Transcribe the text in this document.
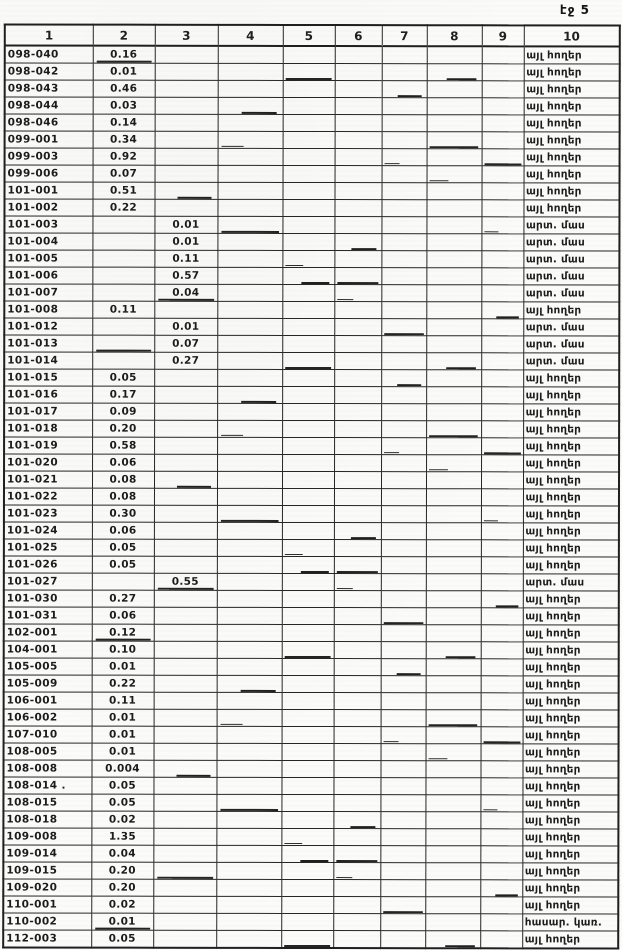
էջ 5
1	2	3	4	5	6	7	8	9	10
098-040	0.16								այլ հողեր
098-042	0.01								այլ հողեր
098-043	0.46								այլ հողեր
098-044	0.03								այլ հողեր
098-046	0.14								այլ հողեր
099-001	0.34								այլ հողեր
099-003	0.92								այլ հողեր
099-006	0.07								այլ հողեր
101-001	0.51								այլ հողեր
101-002	0.22								այլ հողեր
101-003		0.01							արտ. մաս
101-004		0.01							արտ. մաս
101-005		0.11							արտ. մաս
101-006		0.57							արտ. մաս
101-007		0.04							արտ. մաս
101-008	0.11								այլ հողեր
101-012		0.01							արտ. մաս
101-013		0.07							արտ. մաս
101-014		0.27							արտ. մաս
101-015	0.05								այլ հողեր
101-016	0.17								այլ հողեր
101-017	0.09								այլ հողեր
101-018	0.20								այլ հողեր
101-019	0.58								այլ հողեր
101-020	0.06								այլ հողեր
101-021	0.08								այլ հողեր
101-022	0.08								այլ հողեր
101-023	0.30								այլ հողեր
101-024	0.06								այլ հողեր
101-025	0.05								այլ հողեր
101-026	0.05								այլ հողեր
101-027		0.55							արտ. մաս
101-030	0.27								այլ հողեր
101-031	0.06								այլ հողեր
102-001	0.12								այլ հողեր
104-001	0.10								այլ հողեր
105-005	0.01								այլ հողեր
105-009	0.22								այլ հողեր
106-001	0.11								այլ հողեր
106-002	0.01								այլ հողեր
107-010	0.01								այլ հողեր
108-005	0.01								այլ հողեր
108-008	0.004								այլ հողեր
108-014 .	0.05								այլ հողեր
108-015	0.05								այլ հողեր
108-018	0.02								այլ հողեր
109-008	1.35								այլ հողեր
109-014	0.04								այլ հողեր
109-015	0.20								այլ հողեր
109-020	0.20								այլ հողեր
110-001	0.02								այլ հողեր
110-002	0.01								հասար. կառ.
112-003	0.05								այլ հողեր
